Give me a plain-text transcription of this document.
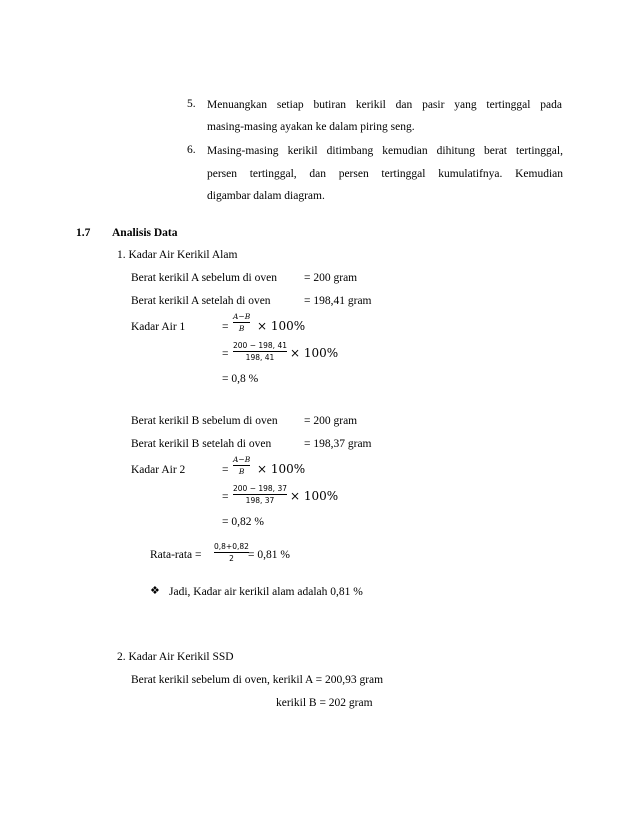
5. Menuangkan setiap butiran kerikil dan pasir yang tertinggal pada
masing-masing ayakan ke dalam piring seng.
6. Masing-masing kerikil ditimbang kemudian dihitung berat tertinggal,
persen tertinggal, dan persen tertinggal kumulatifnya. Kemudian
digambar dalam diagram.
1.7 Analisis Data
1. Kadar Air Kerikil Alam
Berat kerikil A sebelum di oven = 200 gram
Berat kerikil A setelah di oven	= 198,41 gram
Kadar Air 1	=
A−B
B × 100%
=
200 − 198, 41
198, 41 × 100%
= 0,8 %
Berat kerikil B sebelum di oven = 200 gram
Berat kerikil B setelah di oven	= 198,37 gram
Kadar Air 2	=
A−B
B × 100%
=
200 − 198, 37
198, 37 × 100%
= 0,82 %
Rata-rata =
0,8+0,82
2 = 0,81 %
❖ Jadi, Kadar air kerikil alam adalah 0,81 %
2. Kadar Air Kerikil SSD
Berat kerikil sebelum di oven, kerikil A = 200,93 gram
kerikil B = 202 gram
